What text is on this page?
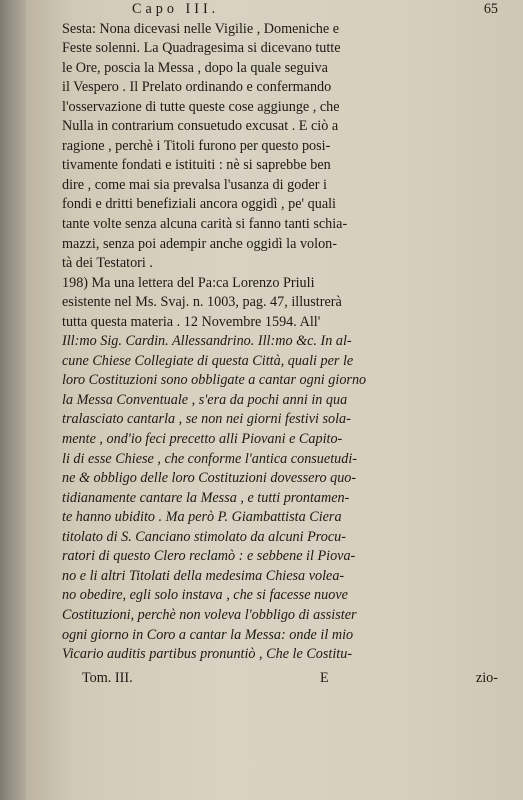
Capo III.	65
Sesta: Nona dicevasi nelle Vigilie , Domeniche e
Feste solenni. La Quadragesima si dicevano tutte
le Ore, poscia la Messa , dopo la quale seguiva
il Vespero . Il Prelato ordinando e confermando
l'osservazione di tutte queste cose aggiunge , che
Nulla in contrarium consuetudo excusat . E ciò a
ragione , perchè i Titoli furono per questo posi-
tivamente fondati e istituiti : nè si saprebbe ben
dire , come mai sia prevalsa l'usanza di goder i
fondi e dritti benefiziali ancora oggidì , pe' quali
tante volte senza alcuna carità si fanno tanti schia-
mazzi, senza poi adempir anche oggidì la volon-
tà dei Testatori .
198) Ma una lettera del Pa:ca Lorenzo Priuli
esistente nel Ms. Svaj. n. 1003, pag. 47, illustrerà
tutta questa materia . 12 Novembre 1594. All'
Ill:mo Sig. Cardin. Allessandrino. Ill:mo &c. In al-
cune Chiese Collegiate di questa Città, quali per le
loro Costituzioni sono obbligate a cantar ogni giorno
la Messa Conventuale , s'era da pochi anni in qua
tralasciato cantarla , se non nei giorni festivi sola-
mente , ond'io feci precetto alli Piovani e Capito-
li di esse Chiese , che conforme l'antica consuetudi-
ne & obbligo delle loro Costituzioni dovessero quo-
tidianamente cantare la Messa , e tutti prontamen-
te hanno ubidito . Ma però P. Giambattista Ciera
titolato di S. Canciano stimolato da alcuni Procu-
ratori di questo Clero reclamò : e sebbene il Piova-
no e li altri Titolati della medesima Chiesa volea-
no obedire, egli solo instava , che si facesse nuove
Costituzioni, perchè non voleva l'obbligo di assister
ogni giorno in Coro a cantar la Messa: onde il mio
Vicario auditis partibus pronuntiò , Che le Costitu-
Tom. III.	E	zio-
